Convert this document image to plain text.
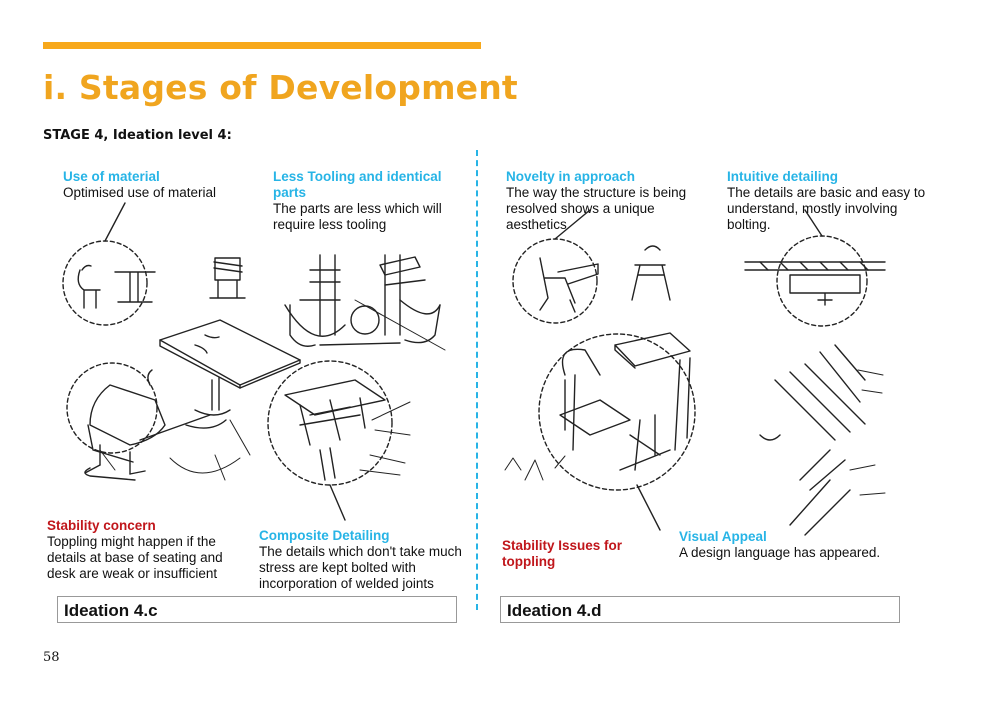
i. Stages of Development
STAGE 4, Ideation level 4:
Use of material
Optimised use of material
Less Tooling and identical parts
The parts are less which will require less tooling
Stability concern
Toppling might happen if the details at base of seating and desk are weak or insufficient
Composite Detailing
The details which don't take much stress are kept bolted with incorporation of welded joints
Novelty in approach
The way the structure is being resolved shows a unique aesthetics
Intuitive detailing
The details are basic and easy to understand, mostly involving bolting.
Stability Issues for toppling
Visual Appeal
A design language has appeared.
Ideation 4.c	Ideation 4.d
58
